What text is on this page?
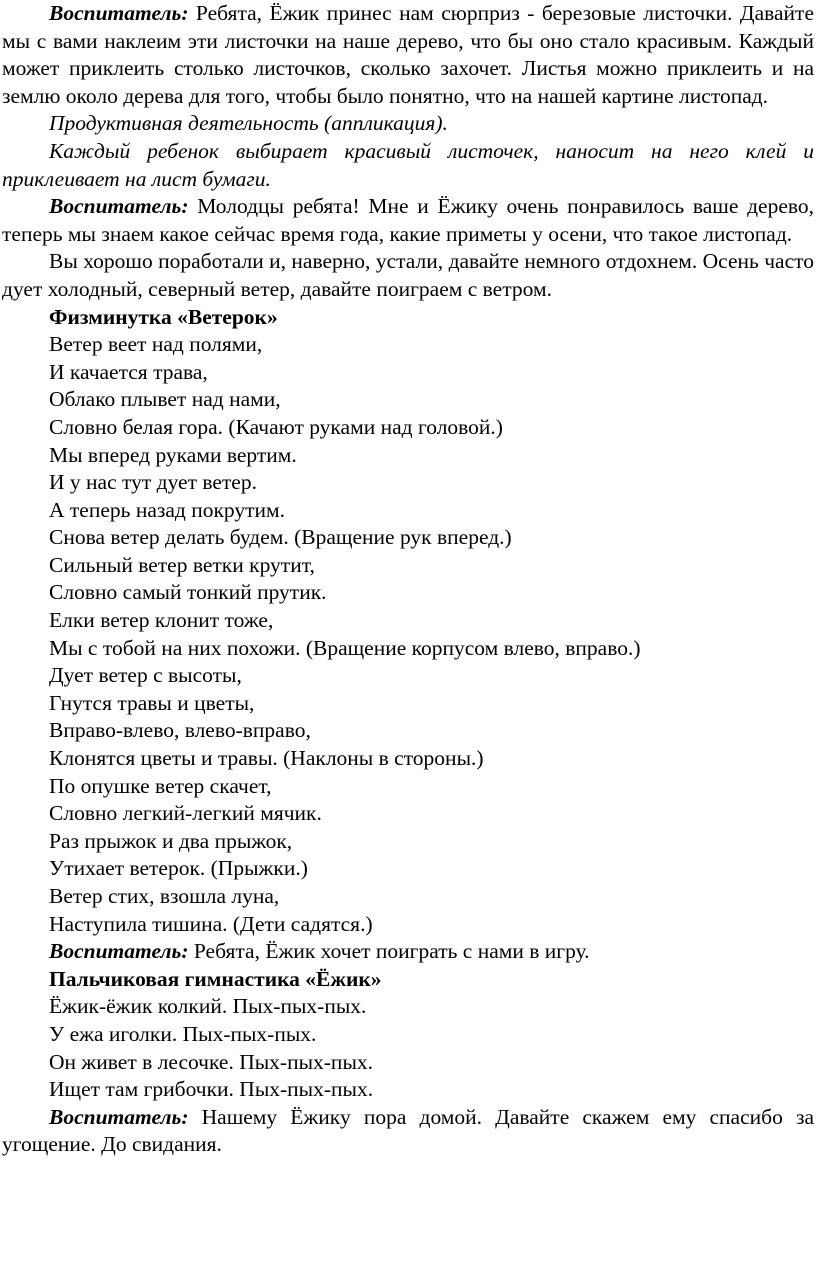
Воспитатель: Ребята, Ёжик принес нам сюрприз - березовые листочки. Давайте мы с вами наклеим эти листочки на наше дерево, что бы оно стало красивым. Каждый может приклеить столько листочков, сколько захочет. Листья можно приклеить и на землю около дерева для того, чтобы было понятно, что на нашей картине листопад.

Продуктивная деятельность (аппликация).

Каждый ребенок выбирает красивый листочек, наносит на него клей и приклеивает на лист бумаги.

Воспитатель: Молодцы ребята! Мне и Ёжику очень понравилось ваше дерево, теперь мы знаем какое сейчас время года, какие приметы у осени, что такое листопад.

Вы хорошо поработали и, наверно, устали, давайте немного отдохнем. Осень часто дует холодный, северный ветер, давайте поиграем с ветром.

Физминутка «Ветерок»

Ветер веет над полями,

И качается трава,

Облако плывет над нами,

Словно белая гора. (Качают руками над головой.)

Мы вперед руками вертим.

И у нас тут дует ветер.

А теперь назад покрутим.

Снова ветер делать будем. (Вращение рук вперед.)

Сильный ветер ветки крутит,

Словно самый тонкий прутик.

Елки ветер клонит тоже,

Мы с тобой на них похожи. (Вращение корпусом влево, вправо.)

Дует ветер с высоты,

Гнутся травы и цветы,

Вправо-влево, влево-вправо,

Клонятся цветы и травы. (Наклоны в стороны.)

По опушке ветер скачет,

Словно легкий-легкий мячик.

Раз прыжок и два прыжок,

Утихает ветерок. (Прыжки.)

Ветер стих, взошла луна,

Наступила тишина. (Дети садятся.)

Воспитатель: Ребята, Ёжик хочет поиграть с нами в игру.

Пальчиковая гимнастика «Ёжик»

Ёжик-ёжик колкий. Пых-пых-пых.

У ежа иголки. Пых-пых-пых.

Он живет в лесочке. Пых-пых-пых.

Ищет там грибочки. Пых-пых-пых.

Воспитатель: Нашему Ёжику пора домой. Давайте скажем ему спасибо за угощение. До свидания.
